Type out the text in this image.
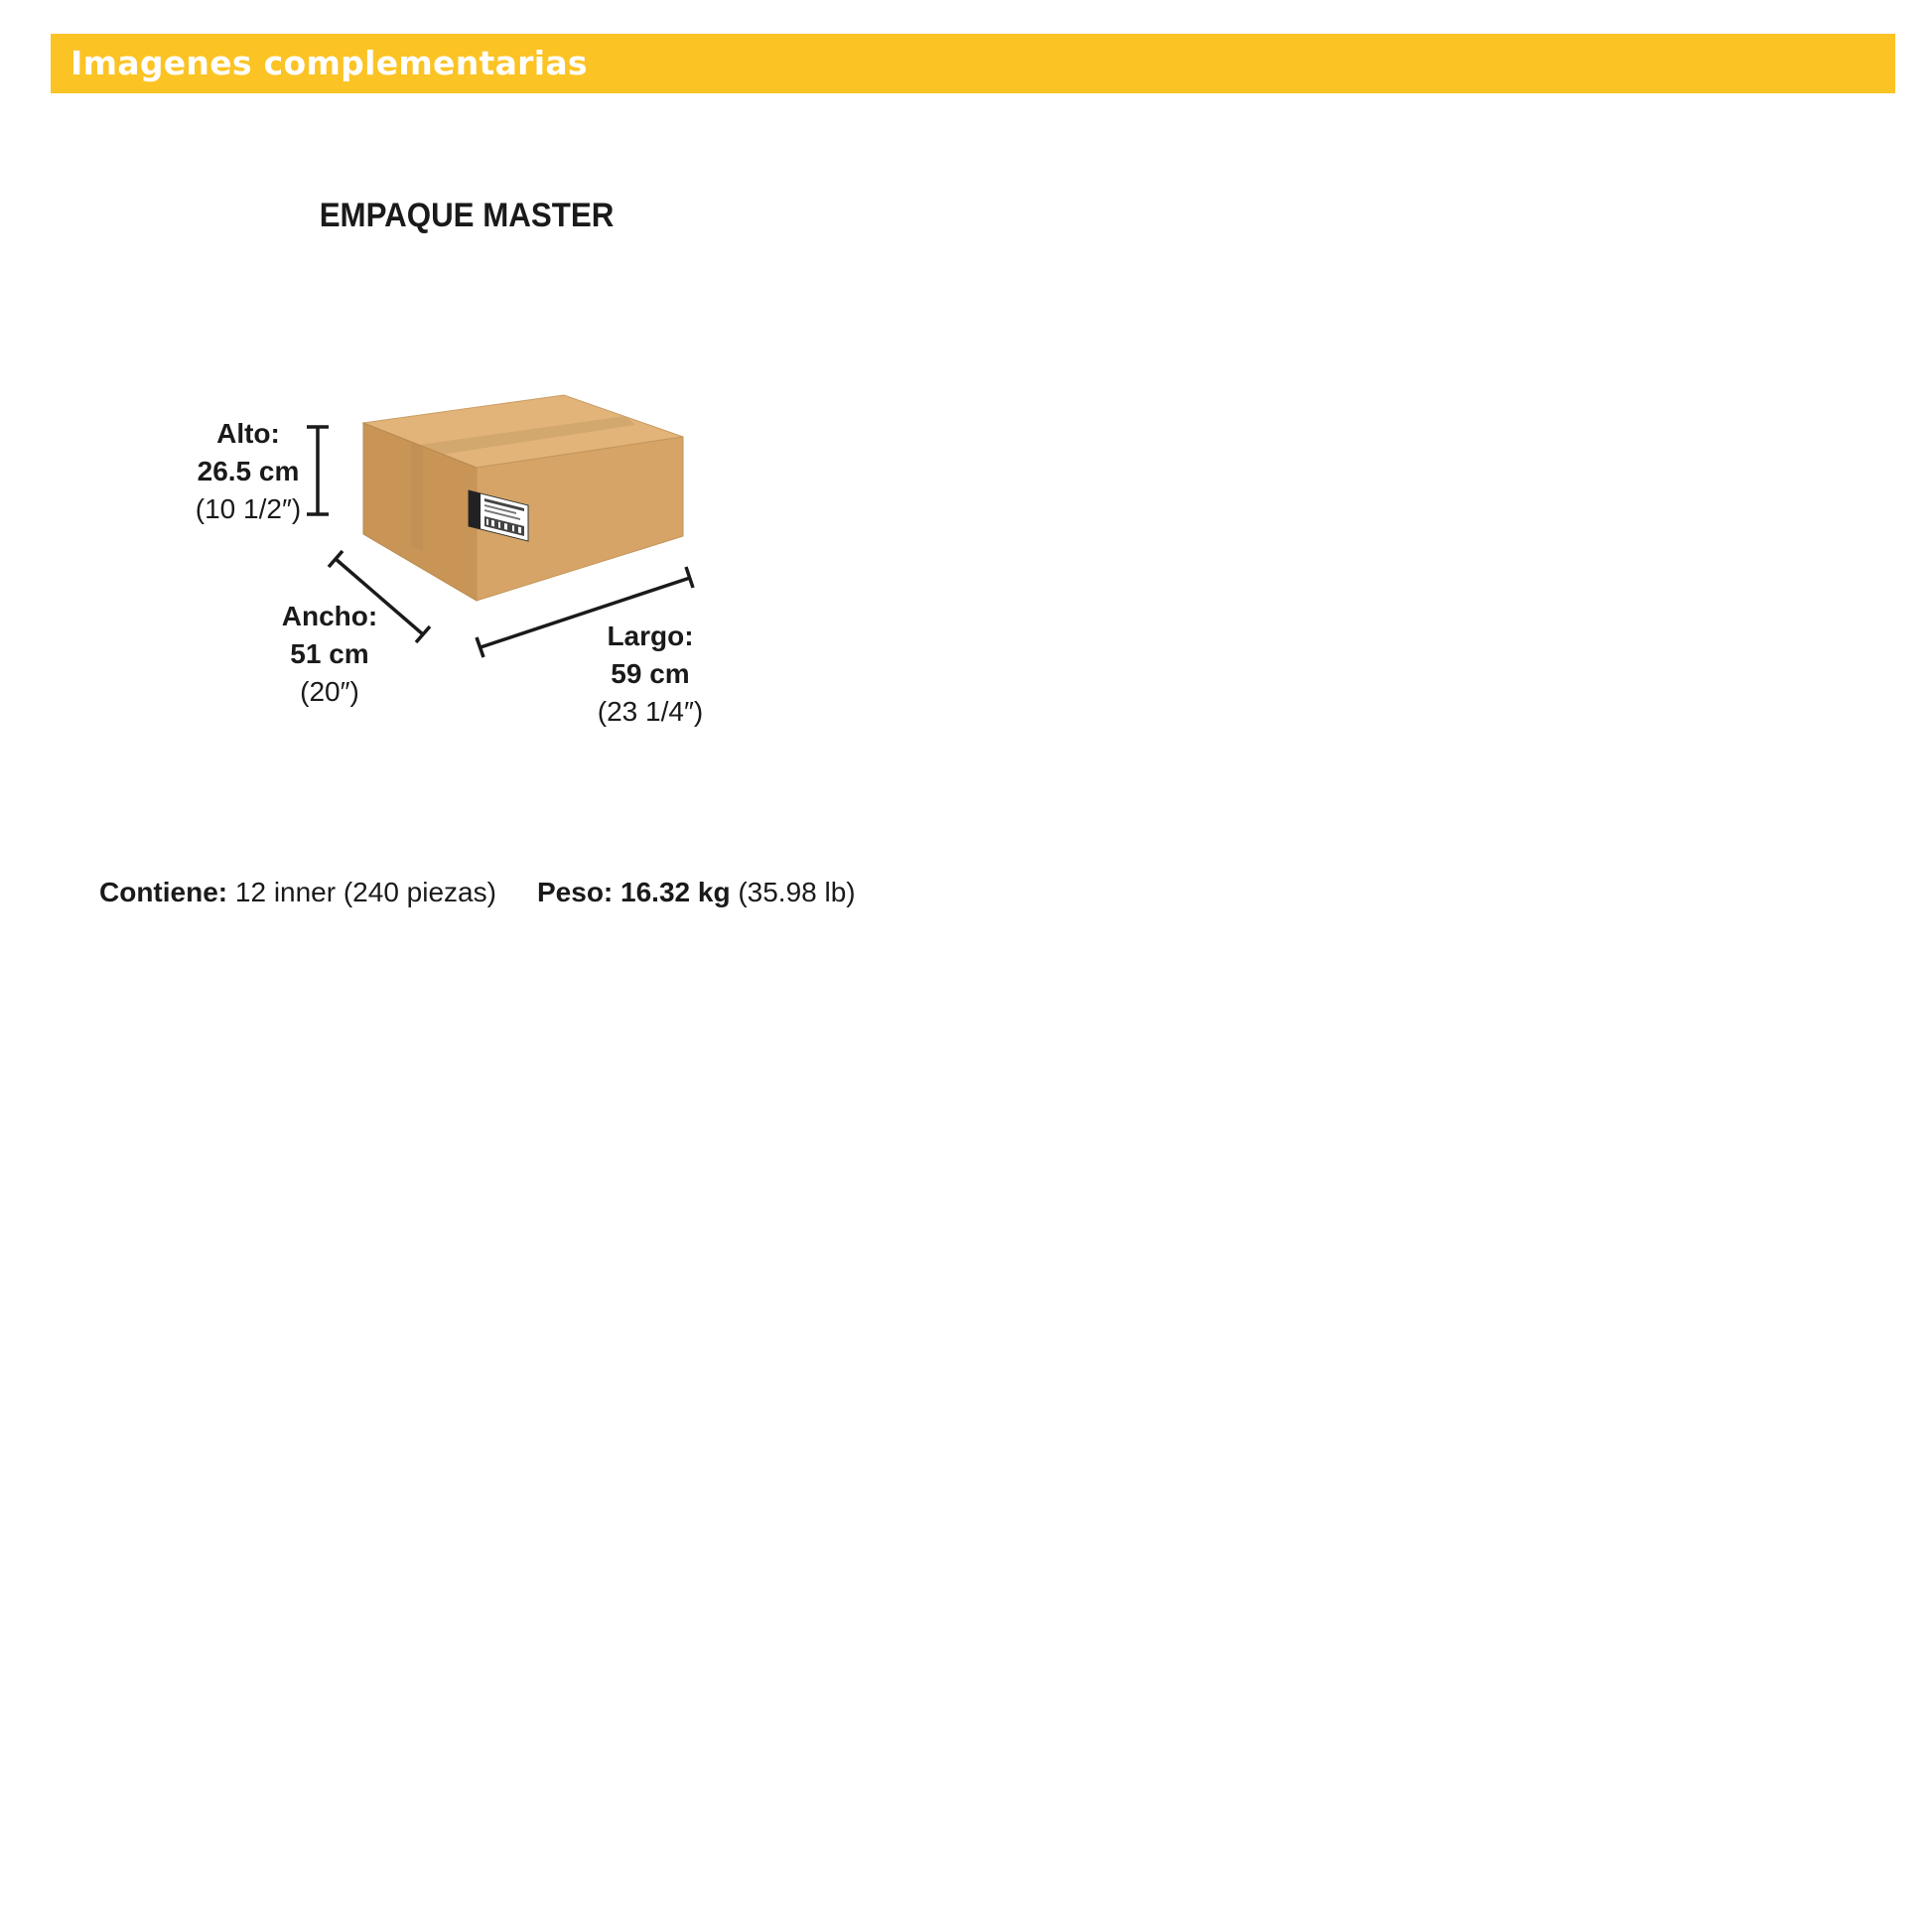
Imagenes complementarias
EMPAQUE MASTER
Alto:
26.5 cm
(10 1/2″)
Ancho:
51 cm
(20″)
Largo:
59 cm
(23 1/4″)
Contiene: 12 inner (240 piezas) Peso: 16.32 kg (35.98 lb)
